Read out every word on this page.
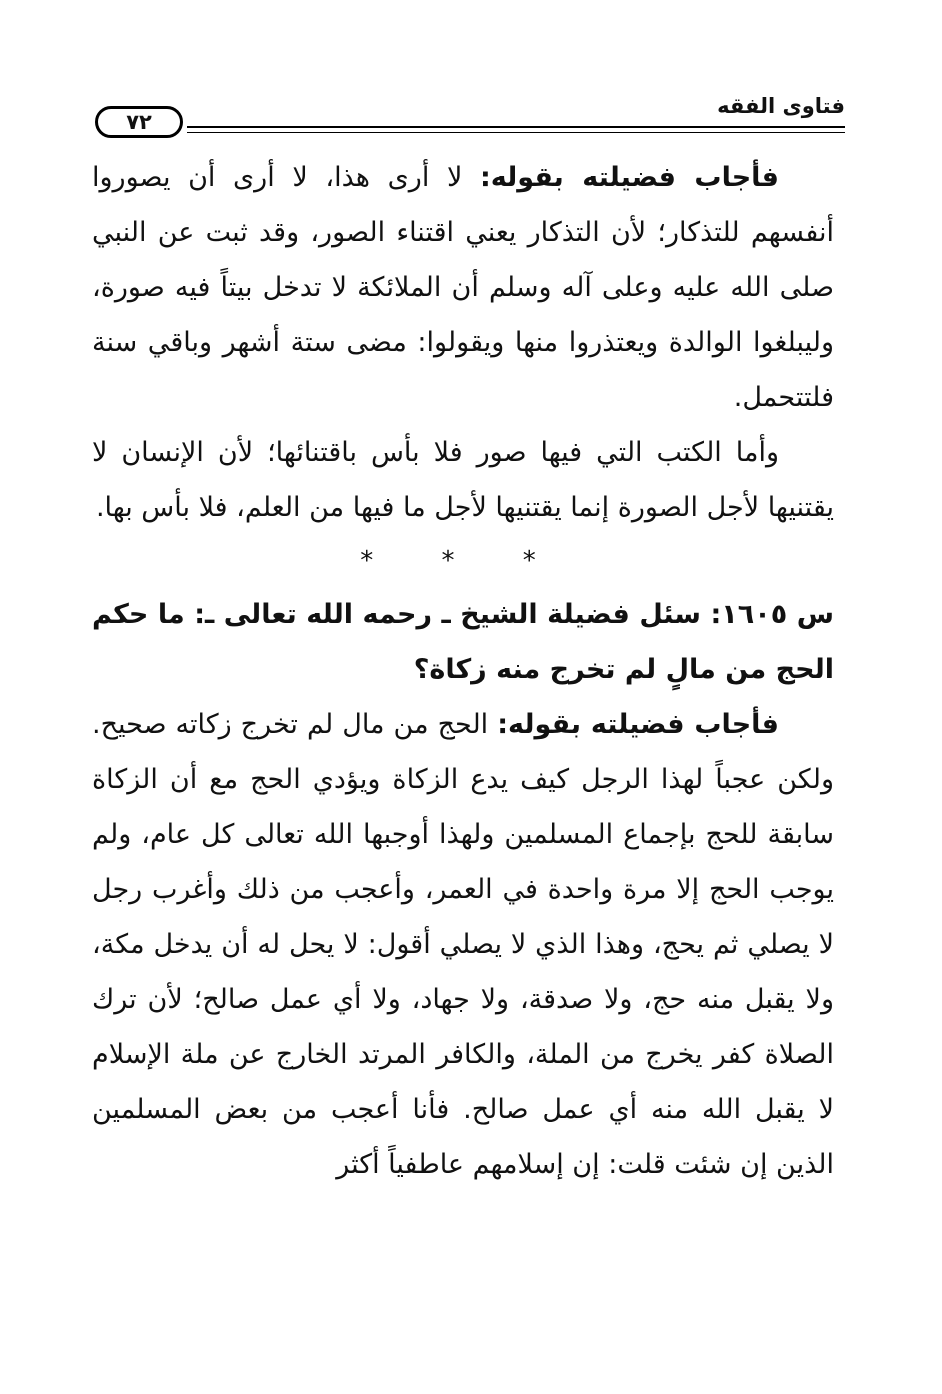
٧٢
فتاوى الفقه

فأجاب فضيلته بقوله: لا أرى هذا، لا أرى أن يصوروا أنفسهم للتذكار؛ لأن التذكار يعني اقتناء الصور، وقد ثبت عن النبي صلى الله عليه وعلى آله وسلم أن الملائكة لا تدخل بيتاً فيه صورة، وليبلغوا الوالدة ويعتذروا منها ويقولوا: مضى ستة أشهر وباقي سنة فلتتحمل.

وأما الكتب التي فيها صور فلا بأس باقتنائها؛ لأن الإنسان لا يقتنيها لأجل الصورة إنما يقتنيها لأجل ما فيها من العلم، فلا بأس بها.

* * *

س ١٦٠٥: سئل فضيلة الشيخ ـ رحمه الله تعالى ـ: ما حكم الحج من مالٍ لم تخرج منه زكاة؟

فأجاب فضيلته بقوله: الحج من مال لم تخرج زكاته صحيح. ولكن عجباً لهذا الرجل كيف يدع الزكاة ويؤدي الحج مع أن الزكاة سابقة للحج بإجماع المسلمين ولهذا أوجبها الله تعالى كل عام، ولم يوجب الحج إلا مرة واحدة في العمر، وأعجب من ذلك وأغرب رجل لا يصلي ثم يحج، وهذا الذي لا يصلي أقول: لا يحل له أن يدخل مكة، ولا يقبل منه حج، ولا صدقة، ولا جهاد، ولا أي عمل صالح؛ لأن ترك الصلاة كفر يخرج من الملة، والكافر المرتد الخارج عن ملة الإسلام لا يقبل الله منه أي عمل صالح. فأنا أعجب من بعض المسلمين الذين إن شئت قلت: إن إسلامهم عاطفياً أكثر
